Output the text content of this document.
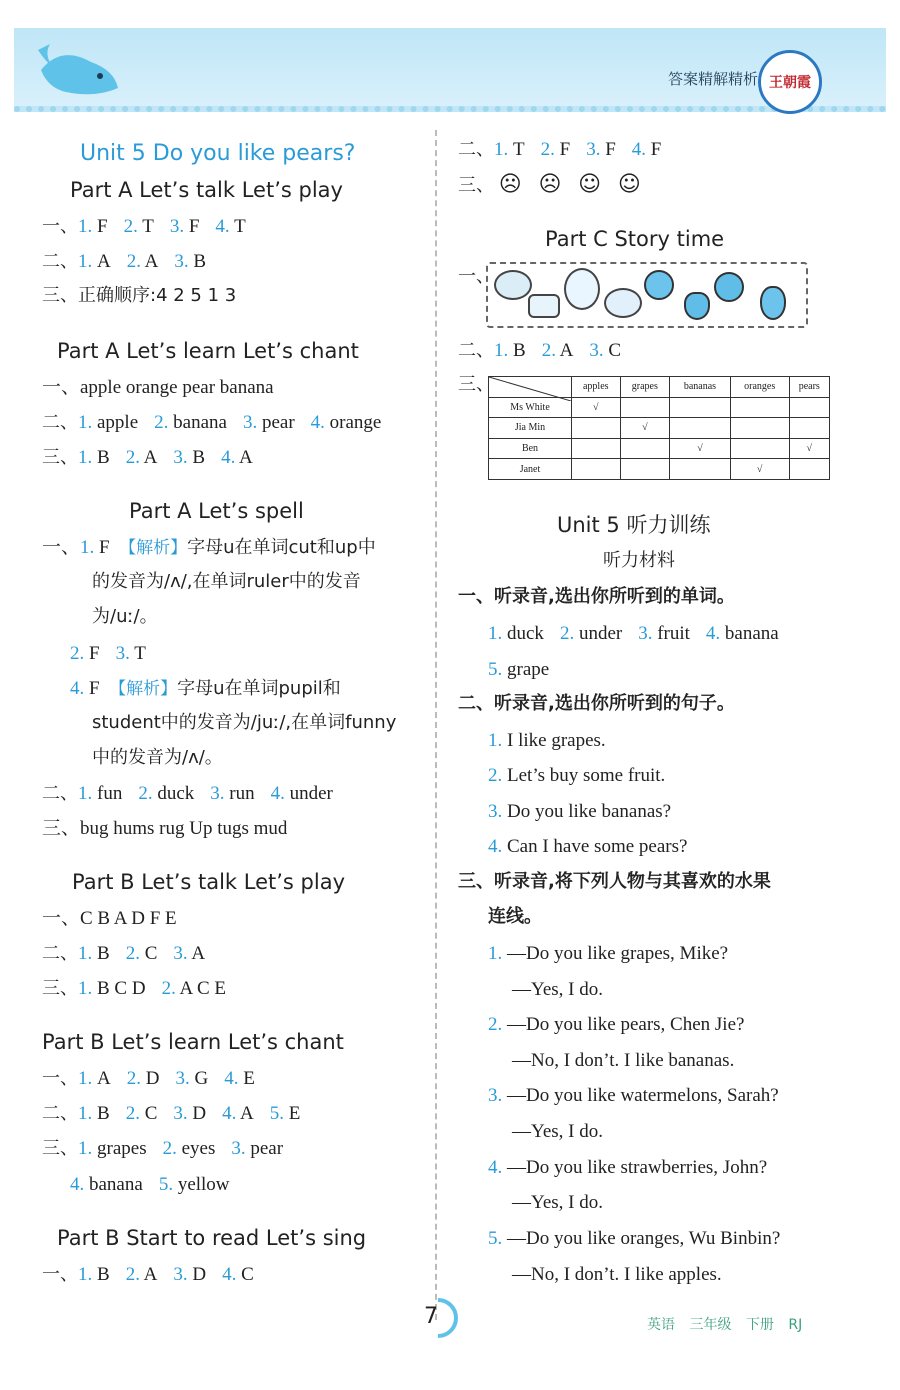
答案精解精析 王朝霞
Unit 5 Do you like pears?
Part A Let’s talk Let’s play
一、1. F 2. T 3. F 4. T
二、1. A 2. A 3. B
三、正确顺序:4 2 5 1 3
Part A Let’s learn Let’s chant
一、apple orange pear banana
二、1. apple 2. banana 3. pear 4. orange
三、1. B 2. A 3. B 4. A
Part A Let’s spell
一、1. F 【解析】字母u在单词cut和up中
的发音为/ʌ/,在单词ruler中的发音
为/uː/。
2. F 3. T
4. F 【解析】字母u在单词pupil和
student中的发音为/juː/,在单词funny
中的发音为/ʌ/。
二、1. fun 2. duck 3. run 4. under
三、bug hums rug Up tugs mud
Part B Let’s talk Let’s play
一、C B A D F E
二、1. B 2. C 3. A
三、1. B C D 2. A C E
Part B Let’s learn Let’s chant
一、1. A 2. D 3. G 4. E
二、1. B 2. C 3. D 4. A 5. E
三、1. grapes 2. eyes 3. pear
4. banana 5. yellow
Part B Start to read Let’s sing
一、1. B 2. A 3. D 4. C
二、1. T 2. F 3. F 4. F
三、 ☹ ☹ ☺ ☺
Part C Story time
一、
二、1. B 2. A 3. C
三、
		apples	grapes	bananas	oranges	pears
Ms White	√				
Jia Min		√			
Ben			√		√
Janet				√	
Unit 5 听力训练
听力材料
一、听录音,选出你所听到的单词。
1. duck 2. under 3. fruit 4. banana
5. grape
二、听录音,选出你所听到的句子。
1. I like grapes.
2. Let’s buy some fruit.
3. Do you like bananas?
4. Can I have some pears?
三、听录音,将下列人物与其喜欢的水果
连线。
1. —Do you like grapes, Mike?
—Yes, I do.
2. —Do you like pears, Chen Jie?
—No, I don’t. I like bananas.
3. —Do you like watermelons, Sarah?
—Yes, I do.
4. —Do you like strawberries, John?
—Yes, I do.
5. —Do you like oranges, Wu Binbin?
—No, I don’t. I like apples.
7	英语 三年级 下册 RJ
